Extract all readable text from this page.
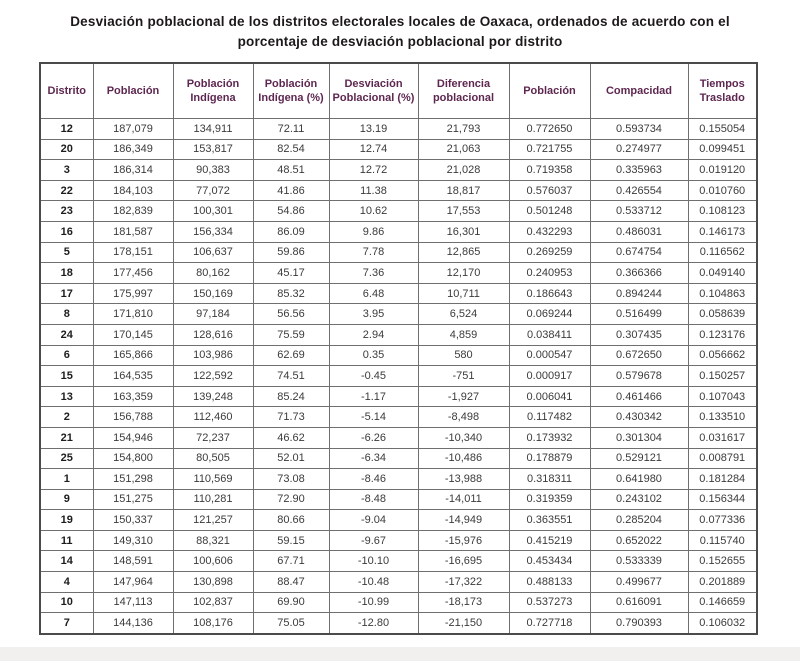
Desviación poblacional de los distritos electorales locales de Oaxaca, ordenados de acuerdo con el porcentaje de desviación poblacional por distrito
Distrito	Población	Población Indígena	Población Indígena (%)	Desviación Poblacional (%)	Diferencia poblacional	Población	Compacidad	Tiempos Traslado
12	187,079	134,911	72.11	13.19	21,793	0.772650	0.593734	0.155054
20	186,349	153,817	82.54	12.74	21,063	0.721755	0.274977	0.099451
3	186,314	90,383	48.51	12.72	21,028	0.719358	0.335963	0.019120
22	184,103	77,072	41.86	11.38	18,817	0.576037	0.426554	0.010760
23	182,839	100,301	54.86	10.62	17,553	0.501248	0.533712	0.108123
16	181,587	156,334	86.09	9.86	16,301	0.432293	0.486031	0.146173
5	178,151	106,637	59.86	7.78	12,865	0.269259	0.674754	0.116562
18	177,456	80,162	45.17	7.36	12,170	0.240953	0.366366	0.049140
17	175,997	150,169	85.32	6.48	10,711	0.186643	0.894244	0.104863
8	171,810	97,184	56.56	3.95	6,524	0.069244	0.516499	0.058639
24	170,145	128,616	75.59	2.94	4,859	0.038411	0.307435	0.123176
6	165,866	103,986	62.69	0.35	580	0.000547	0.672650	0.056662
15	164,535	122,592	74.51	-0.45	-751	0.000917	0.579678	0.150257
13	163,359	139,248	85.24	-1.17	-1,927	0.006041	0.461466	0.107043
2	156,788	112,460	71.73	-5.14	-8,498	0.117482	0.430342	0.133510
21	154,946	72,237	46.62	-6.26	-10,340	0.173932	0.301304	0.031617
25	154,800	80,505	52.01	-6.34	-10,486	0.178879	0.529121	0.008791
1	151,298	110,569	73.08	-8.46	-13,988	0.318311	0.641980	0.181284
9	151,275	110,281	72.90	-8.48	-14,011	0.319359	0.243102	0.156344
19	150,337	121,257	80.66	-9.04	-14,949	0.363551	0.285204	0.077336
11	149,310	88,321	59.15	-9.67	-15,976	0.415219	0.652022	0.115740
14	148,591	100,606	67.71	-10.10	-16,695	0.453434	0.533339	0.152655
4	147,964	130,898	88.47	-10.48	-17,322	0.488133	0.499677	0.201889
10	147,113	102,837	69.90	-10.99	-18,173	0.537273	0.616091	0.146659
7	144,136	108,176	75.05	-12.80	-21,150	0.727718	0.790393	0.106032
